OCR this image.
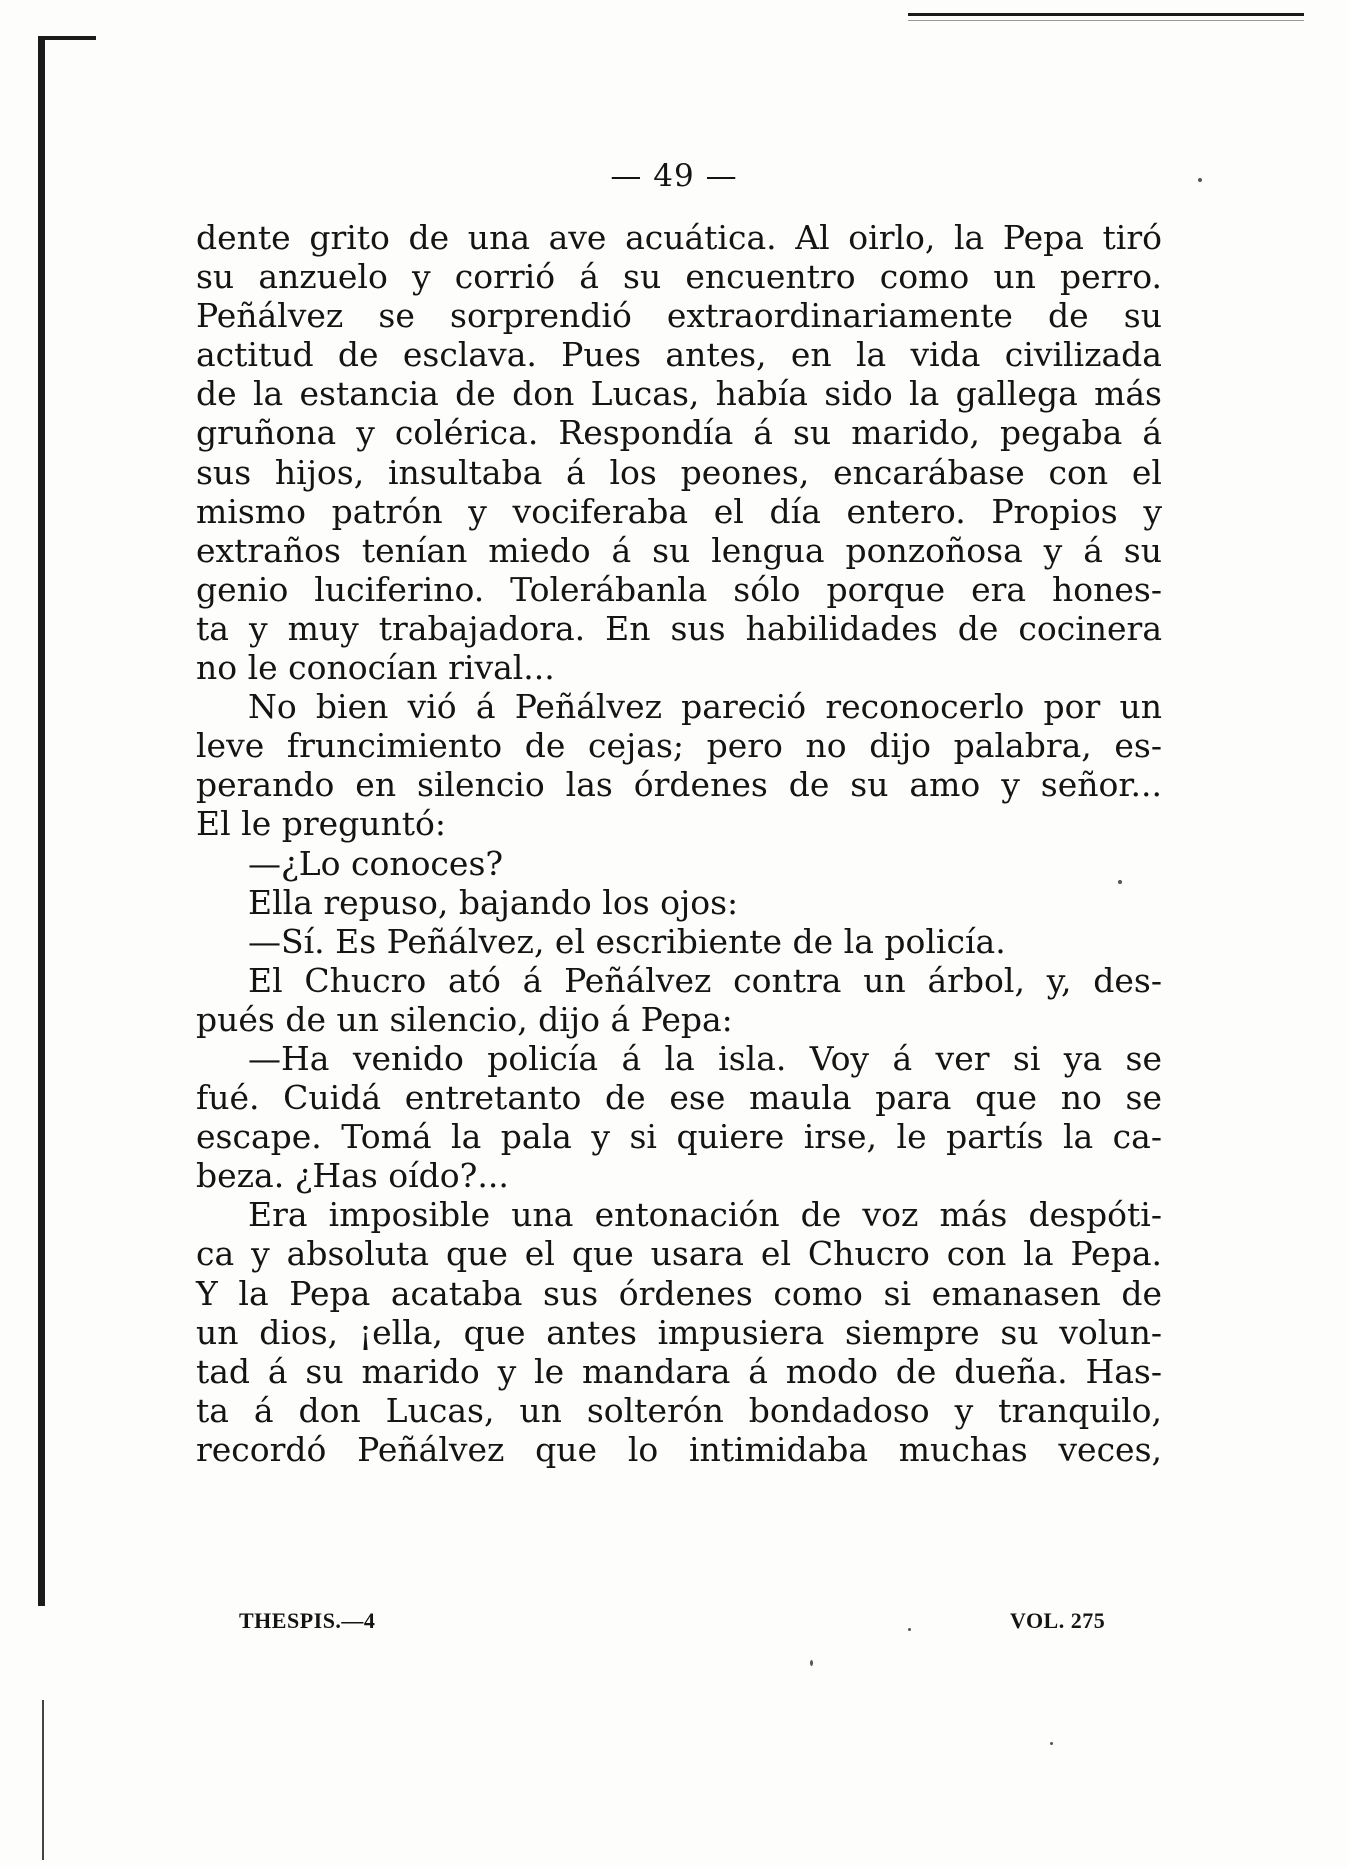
— 49 —
dente grito de una ave acuática. Al oirlo, la Pepa tiró
su anzuelo y corrió á su encuentro como un perro.
Peñálvez se sorprendió extraordinariamente de su
actitud de esclava. Pues antes, en la vida civilizada
de la estancia de don Lucas, había sido la gallega más
gruñona y colérica. Respondía á su marido, pegaba á
sus hijos, insultaba á los peones, encarábase con el
mismo patrón y vociferaba el día entero. Propios y
extraños tenían miedo á su lengua ponzoñosa y á su
genio luciferino. Tolerábanla sólo porque era hones-
ta y muy trabajadora. En sus habilidades de cocinera
no le conocían rival...
No bien vió á Peñálvez pareció reconocerlo por un
leve fruncimiento de cejas; pero no dijo palabra, es-
perando en silencio las órdenes de su amo y señor...
El le preguntó:
—¿Lo conoces?
Ella repuso, bajando los ojos:
—Sí. Es Peñálvez, el escribiente de la policía.
El Chucro ató á Peñálvez contra un árbol, y, des-
pués de un silencio, dijo á Pepa:
—Ha venido policía á la isla. Voy á ver si ya se
fué. Cuidá entretanto de ese maula para que no se
escape. Tomá la pala y si quiere irse, le partís la ca-
beza. ¿Has oído?...
Era imposible una entonación de voz más despóti-
ca y absoluta que el que usara el Chucro con la Pepa.
Y la Pepa acataba sus órdenes como si emanasen de
un dios, ¡ella, que antes impusiera siempre su volun-
tad á su marido y le mandara á modo de dueña. Has-
ta á don Lucas, un solterón bondadoso y tranquilo,
recordó Peñálvez que lo intimidaba muchas veces,
THESPIS.—4	VOL. 275
